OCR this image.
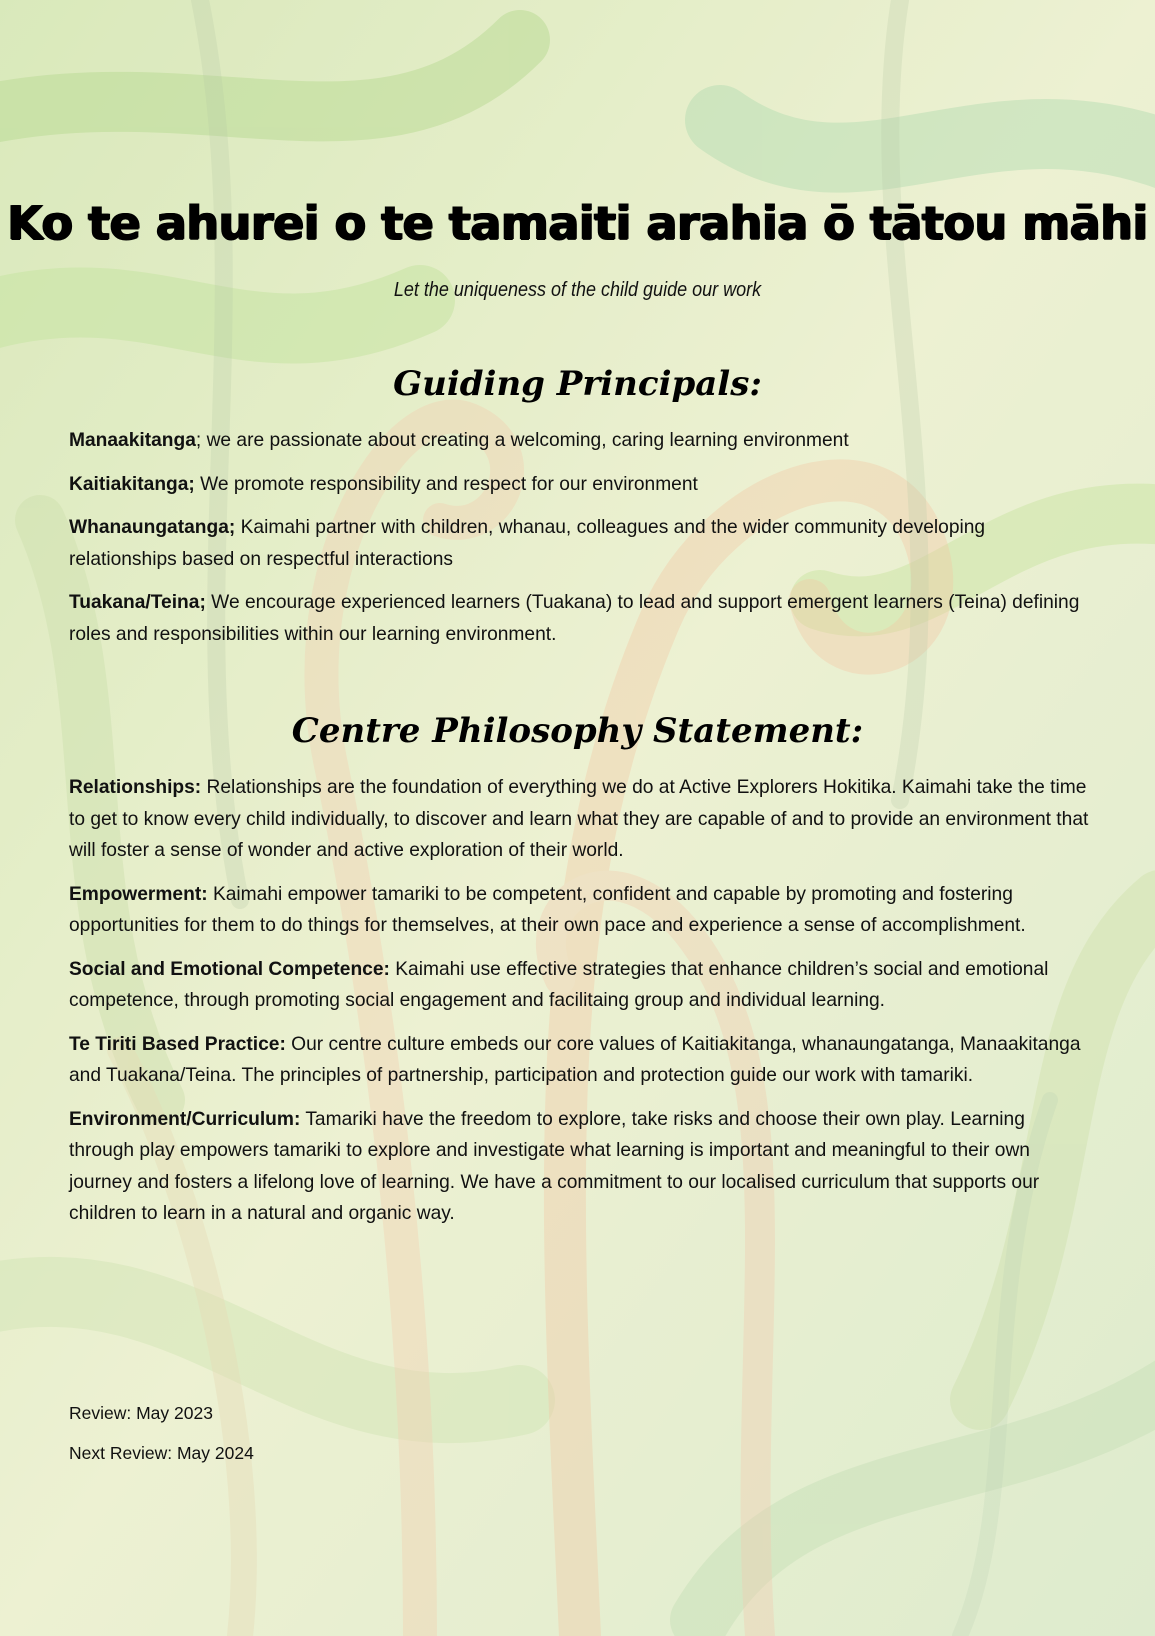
Ko te ahurei o te tamaiti arahia ō tātou māhi
Let the uniqueness of the child guide our work
Guiding Principals:

Manaakitanga; we are passionate about creating a welcoming, caring learning environment

Kaitiakitanga; We promote responsibility and respect for our environment

Whanaungatanga; Kaimahi partner with children, whanau, colleagues and the wider community developing relationships based on respectful interactions

Tuakana/Teina; We encourage experienced learners (Tuakana) to lead and support emergent learners (Teina) defining roles and responsibilities within our learning environment.

Centre Philosophy Statement:

Relationships: Relationships are the foundation of everything we do at Active Explorers Hokitika. Kaimahi take the time to get to know every child individually, to discover and learn what they are capable of and to provide an environment that will foster a sense of wonder and active exploration of their world.

Empowerment: Kaimahi empower tamariki to be competent, confident and capable by promoting and fostering opportunities for them to do things for themselves, at their own pace and experience a sense of accomplishment.

Social and Emotional Competence: Kaimahi use effective strategies that enhance children’s social and emotional competence, through promoting social engagement and facilitaing group and individual learning.

Te Tiriti Based Practice: Our centre culture embeds our core values of Kaitiakitanga, whanaungatanga, Manaakitanga and Tuakana/Teina. The principles of partnership, participation and protection guide our work with tamariki.

Environment/Curriculum: Tamariki have the freedom to explore, take risks and choose their own play. Learning through play empowers tamariki to explore and investigate what learning is important and meaningful to their own journey and fosters a lifelong love of learning. We have a commitment to our localised curriculum that supports our children to learn in a natural and organic way.

Review: May 2023
Next Review: May 2024
